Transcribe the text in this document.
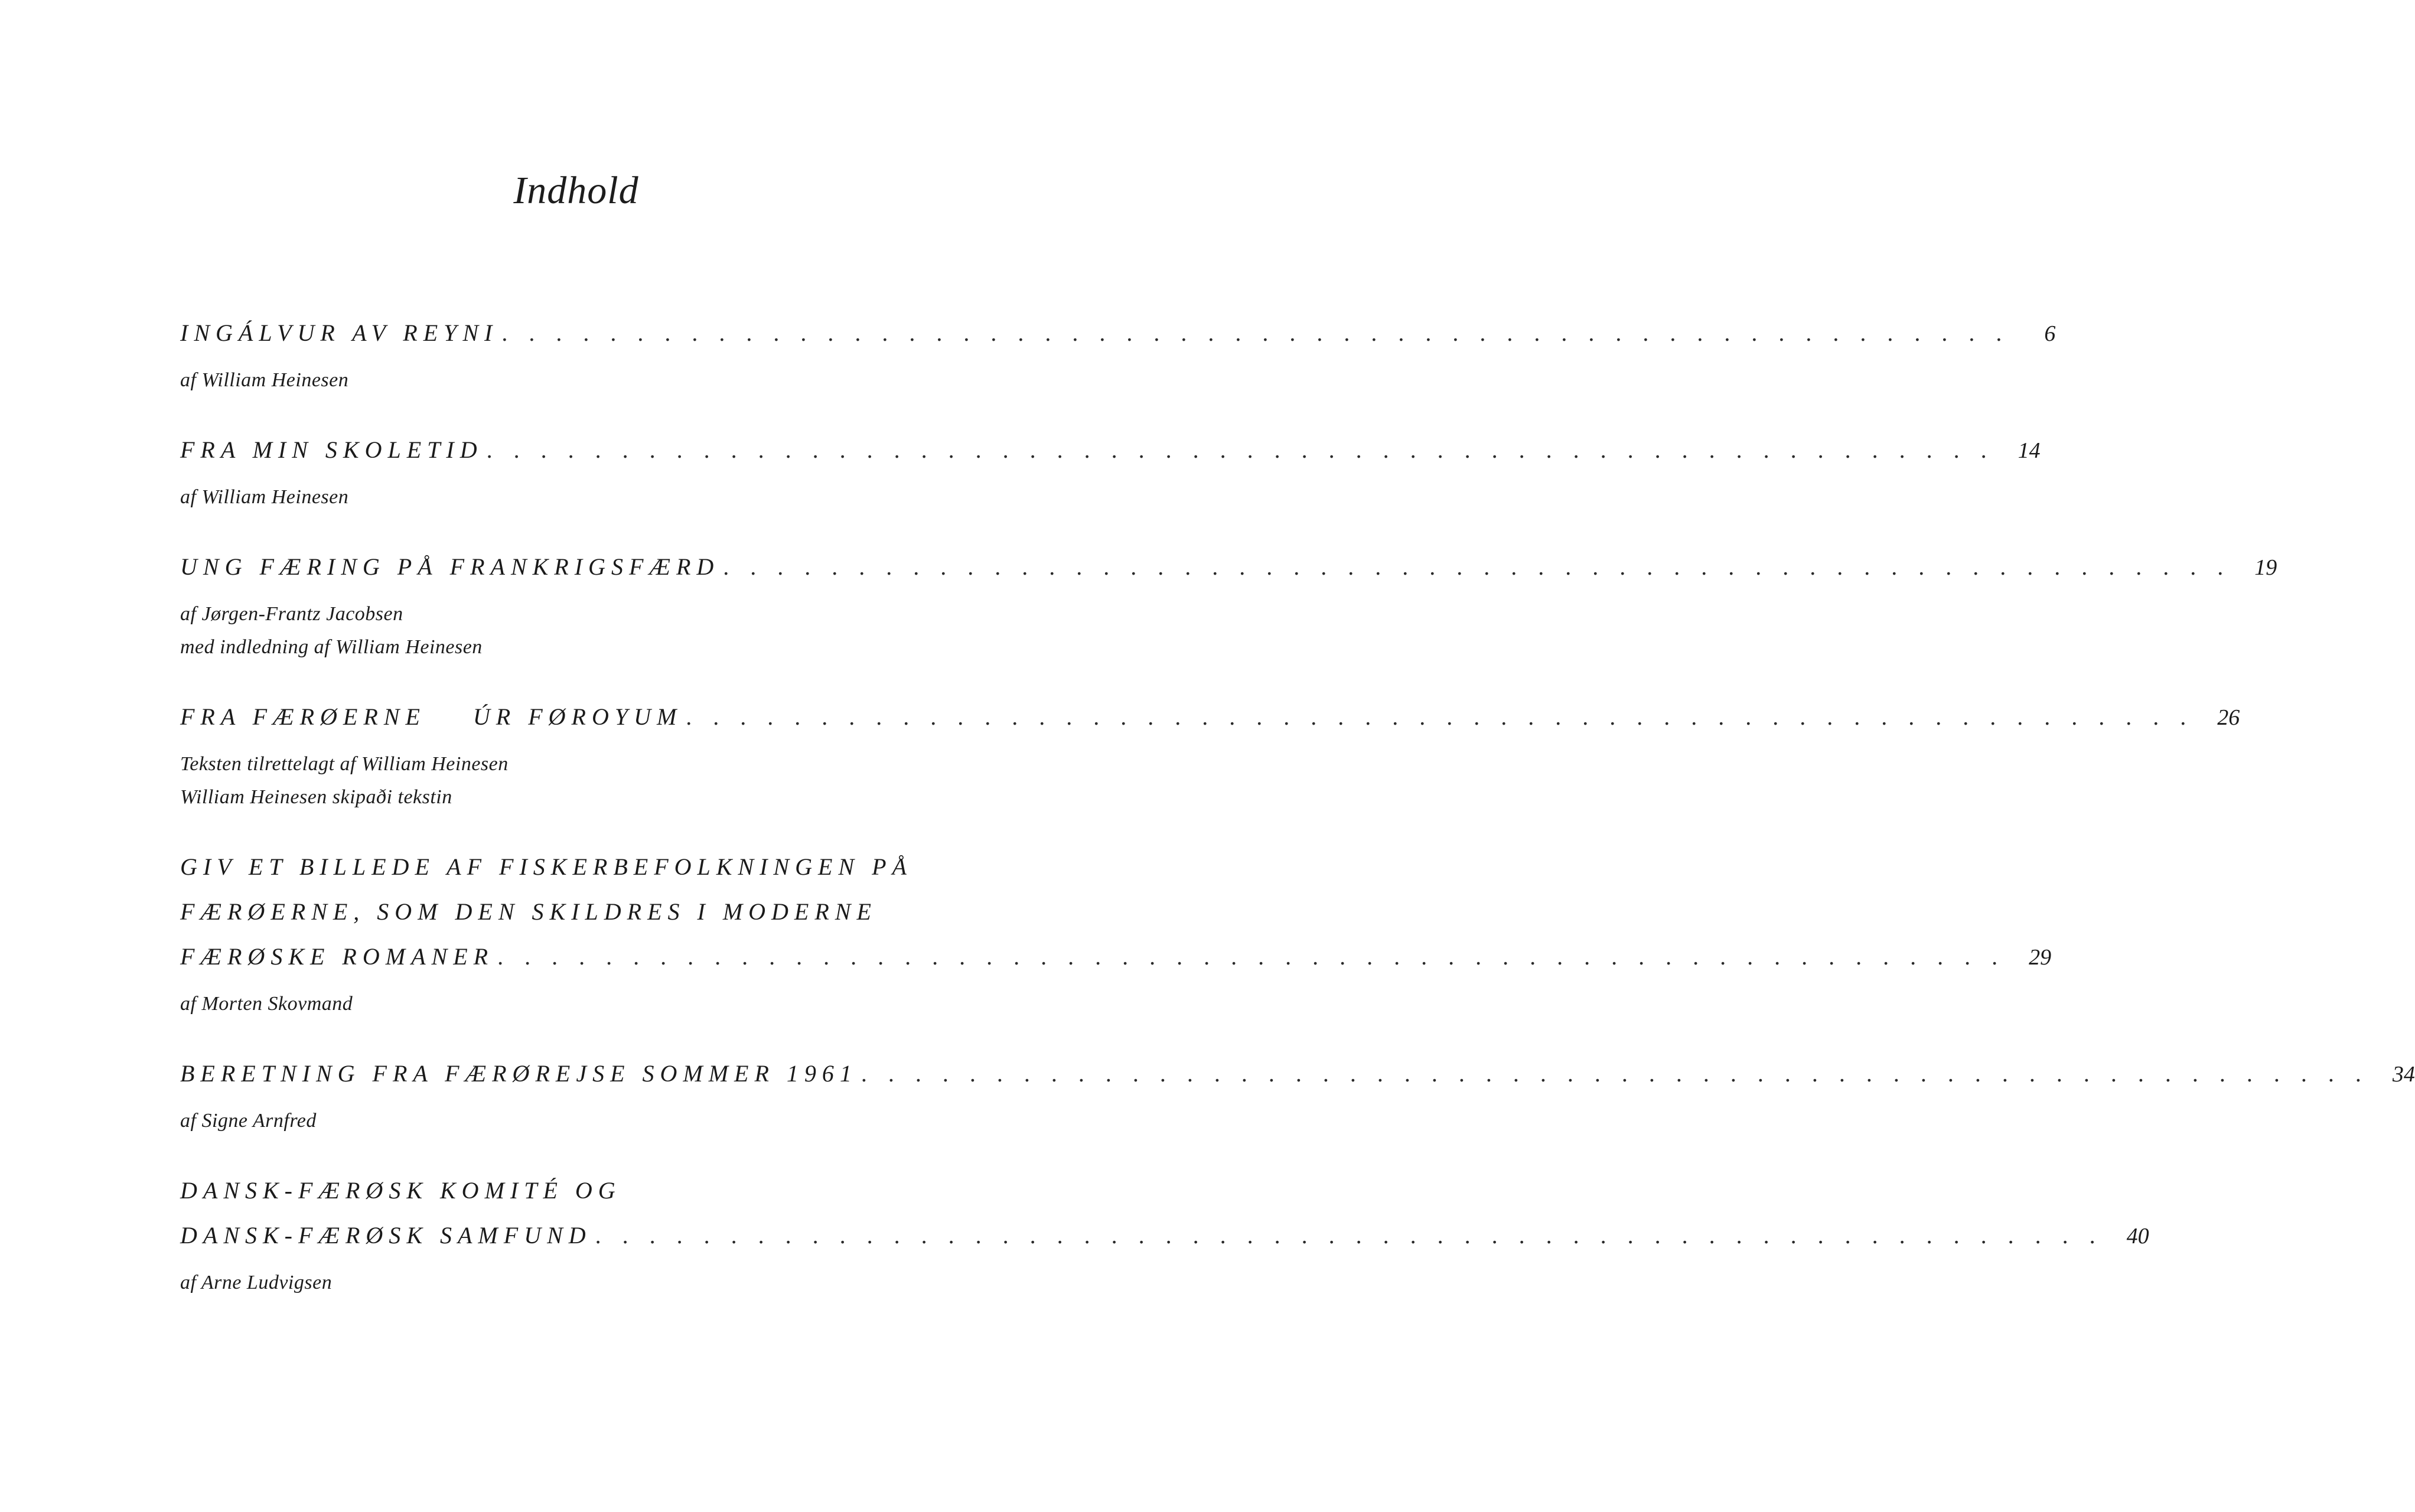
Indhold
INGÁLVUR AV REYNI . . . . . . . . . . . . . . . . . . . . . . . . . . . . . . . . . . . . . . . . . . . . . . . . . . . . . . . .	6
af William Heinesen
FRA MIN SKOLETID . . . . . . . . . . . . . . . . . . . . . . . . . . . . . . . . . . . . . . . . . . . . . . . . . . . . . . . .	14
af William Heinesen
UNG FÆRING PÅ FRANKRIGSFÆRD . . . . . . . . . . . . . . . . . . . . . . . . . . . . . . . . . . . . . . . . . . . . . . . . . . . . . . . .	19
af Jørgen-Frantz Jacobsen
med indledning af William Heinesen
FRA FÆRØERNE    ÚR FØROYUM . . . . . . . . . . . . . . . . . . . . . . . . . . . . . . . . . . . . . . . . . . . . . . . . . . . . . . . .	26
Teksten tilrettelagt af William Heinesen
William Heinesen skipaði tekstin
GIV ET BILLEDE AF FISKERBEFOLKNINGEN PÅ
FÆRØERNE, SOM DEN SKILDRES I MODERNE
FÆRØSKE ROMANER . . . . . . . . . . . . . . . . . . . . . . . . . . . . . . . . . . . . . . . . . . . . . . . . . . . . . . . .	29
af Morten Skovmand
BERETNING FRA FÆRØREJSE SOMMER 1961 . . . . . . . . . . . . . . . . . . . . . . . . . . . . . . . . . . . . . . . . . . . . . . . . . . . . . . . .	34
af Signe Arnfred
DANSK-FÆRØSK KOMITÉ OG
DANSK-FÆRØSK SAMFUND . . . . . . . . . . . . . . . . . . . . . . . . . . . . . . . . . . . . . . . . . . . . . . . . . . . . . . . .	40
af Arne Ludvigsen
